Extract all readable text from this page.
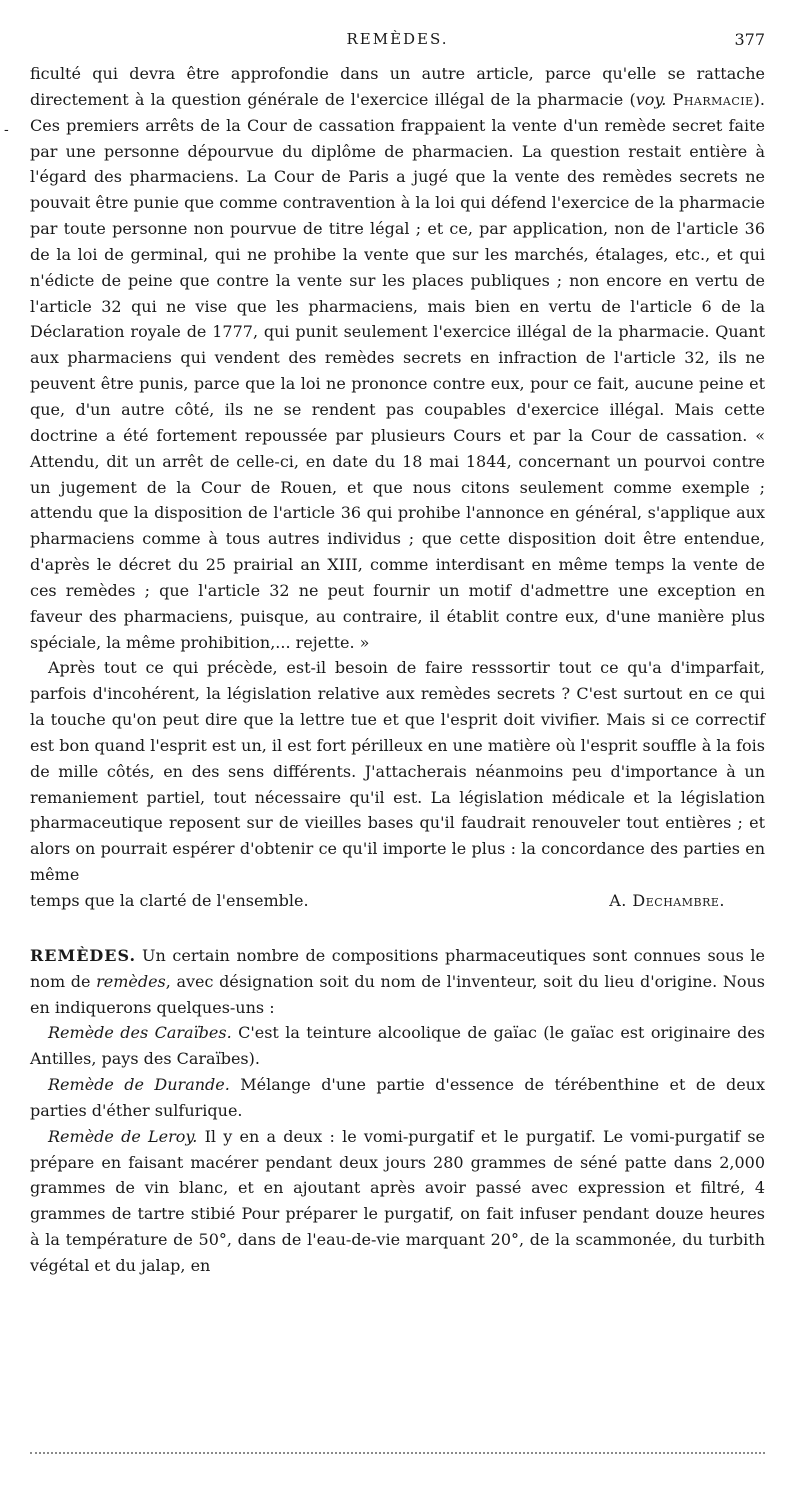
REMÈDES.	377
-

ficulté qui devra être approfondie dans un autre article, parce qu'elle se rattache directement à la question générale de l'exercice illégal de la pharmacie (voy. Pharmacie). Ces premiers arrêts de la Cour de cassation frappaient la vente d'un remède secret faite par une personne dépourvue du diplôme de pharmacien. La question restait entière à l'égard des pharmaciens. La Cour de Paris a jugé que la vente des remèdes secrets ne pouvait être punie que comme contravention à la loi qui défend l'exercice de la pharmacie par toute personne non pourvue de titre légal ; et ce, par application, non de l'article 36 de la loi de germinal, qui ne prohibe la vente que sur les marchés, étalages, etc., et qui n'édicte de peine que contre la vente sur les places publiques ; non encore en vertu de l'article 32 qui ne vise que les pharmaciens, mais bien en vertu de l'article 6 de la Déclaration royale de 1777, qui punit seulement l'exercice illégal de la pharmacie. Quant aux pharmaciens qui vendent des remèdes secrets en infraction de l'article 32, ils ne peuvent être punis, parce que la loi ne prononce contre eux, pour ce fait, aucune peine et que, d'un autre côté, ils ne se rendent pas coupables d'exercice illégal. Mais cette doctrine a été fortement repoussée par plusieurs Cours et par la Cour de cassation. « Attendu, dit un arrêt de celle-ci, en date du 18 mai 1844, concernant un pourvoi contre un jugement de la Cour de Rouen, et que nous citons seulement comme exemple ; attendu que la disposition de l'article 36 qui prohibe l'annonce en général, s'applique aux pharmaciens comme à tous autres individus ; que cette disposition doit être entendue, d'après le décret du 25 prairial an XIII, comme interdisant en même temps la vente de ces remèdes ; que l'article 32 ne peut fournir un motif d'admettre une exception en faveur des pharmaciens, puisque, au contraire, il établit contre eux, d'une manière plus spéciale, la même prohibition,... rejette. »

Après tout ce qui précède, est-il besoin de faire resssortir tout ce qu'a d'imparfait, parfois d'incohérent, la législation relative aux remèdes secrets ? C'est surtout en ce qui la touche qu'on peut dire que la lettre tue et que l'esprit doit vivifier. Mais si ce correctif est bon quand l'esprit est un, il est fort périlleux en une matière où l'esprit souffle à la fois de mille côtés, en des sens différents. J'attacherais néanmoins peu d'importance à un remaniement partiel, tout nécessaire qu'il est. La législation médicale et la législation pharmaceutique reposent sur de vieilles bases qu'il faudrait renouveler tout entières ; et alors on pourrait espérer d'obtenir ce qu'il importe le plus : la concordance des parties en même

temps que la clarté de l'ensemble.	A. Dechambre.

REMÈDES. Un certain nombre de compositions pharmaceutiques sont connues sous le nom de remèdes, avec désignation soit du nom de l'inventeur, soit du lieu d'origine. Nous en indiquerons quelques-uns :

Remède des Caraïbes. C'est la teinture alcoolique de gaïac (le gaïac est originaire des Antilles, pays des Caraïbes).

Remède de Durande. Mélange d'une partie d'essence de térébenthine et de deux parties d'éther sulfurique.

Remède de Leroy. Il y en a deux : le vomi-purgatif et le purgatif. Le vomi-purgatif se prépare en faisant macérer pendant deux jours 280 grammes de séné patte dans 2,000 grammes de vin blanc, et en ajoutant après avoir passé avec expression et filtré, 4 grammes de tartre stibié Pour préparer le purgatif, on fait infuser pendant douze heures à la température de 50°, dans de l'eau-de-vie marquant 20°, de la scammonée, du turbith végétal et du jalap, en
